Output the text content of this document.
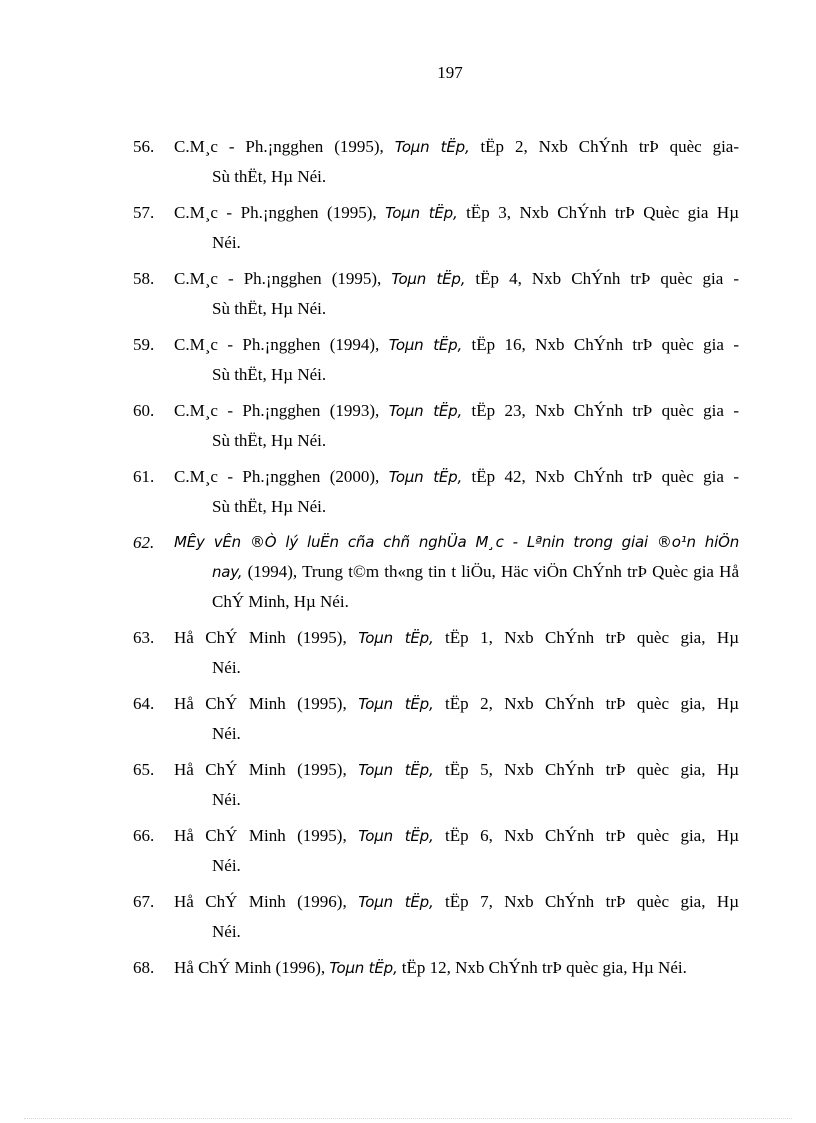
197
56.	C.M¸c - Ph.¡ngghen (1995), Toµn tËp, tËp 2, Nxb ChÝnh trÞ quèc gia-
Sù thËt, Hµ Néi.
57.	C.M¸c - Ph.¡ngghen (1995), Toµn tËp, tËp 3, Nxb ChÝnh trÞ Quèc gia Hµ
Néi.
58.	C.M¸c - Ph.¡ngghen (1995), Toµn tËp, tËp 4, Nxb ChÝnh trÞ quèc gia -
Sù thËt, Hµ Néi.
59.	C.M¸c - Ph.¡ngghen (1994), Toµn tËp, tËp 16, Nxb ChÝnh trÞ quèc gia -
Sù thËt, Hµ Néi.
60.	C.M¸c - Ph.¡ngghen (1993), Toµn tËp, tËp 23, Nxb ChÝnh trÞ quèc gia -
Sù thËt, Hµ Néi.
61.	C.M¸c - Ph.¡ngghen (2000), Toµn tËp, tËp 42, Nxb ChÝnh trÞ quèc gia -
Sù thËt, Hµ Néi.
62.	MÊy vÊn ®Ò lý luËn cña chñ nghÜa M¸c - Lªnin trong giai ®o¹n hiÖn
nay, (1994), Trung t©m th«ng tin t liÖu, Häc viÖn ChÝnh trÞ Quèc gia Hå ChÝ Minh, Hµ Néi.
63.	Hå ChÝ Minh (1995), Toµn tËp, tËp 1, Nxb ChÝnh trÞ quèc gia, Hµ
Néi.
64.	Hå ChÝ Minh (1995), Toµn tËp, tËp 2, Nxb ChÝnh trÞ quèc gia, Hµ
Néi.
65.	Hå ChÝ Minh (1995), Toµn tËp, tËp 5, Nxb ChÝnh trÞ quèc gia, Hµ
Néi.
66.	Hå ChÝ Minh (1995), Toµn tËp, tËp 6, Nxb ChÝnh trÞ quèc gia, Hµ
Néi.
67.	Hå ChÝ Minh (1996), Toµn tËp, tËp 7, Nxb ChÝnh trÞ quèc gia, Hµ
Néi.
68.	Hå ChÝ Minh (1996), Toµn tËp, tËp 12, Nxb ChÝnh trÞ quèc gia, Hµ Néi.
